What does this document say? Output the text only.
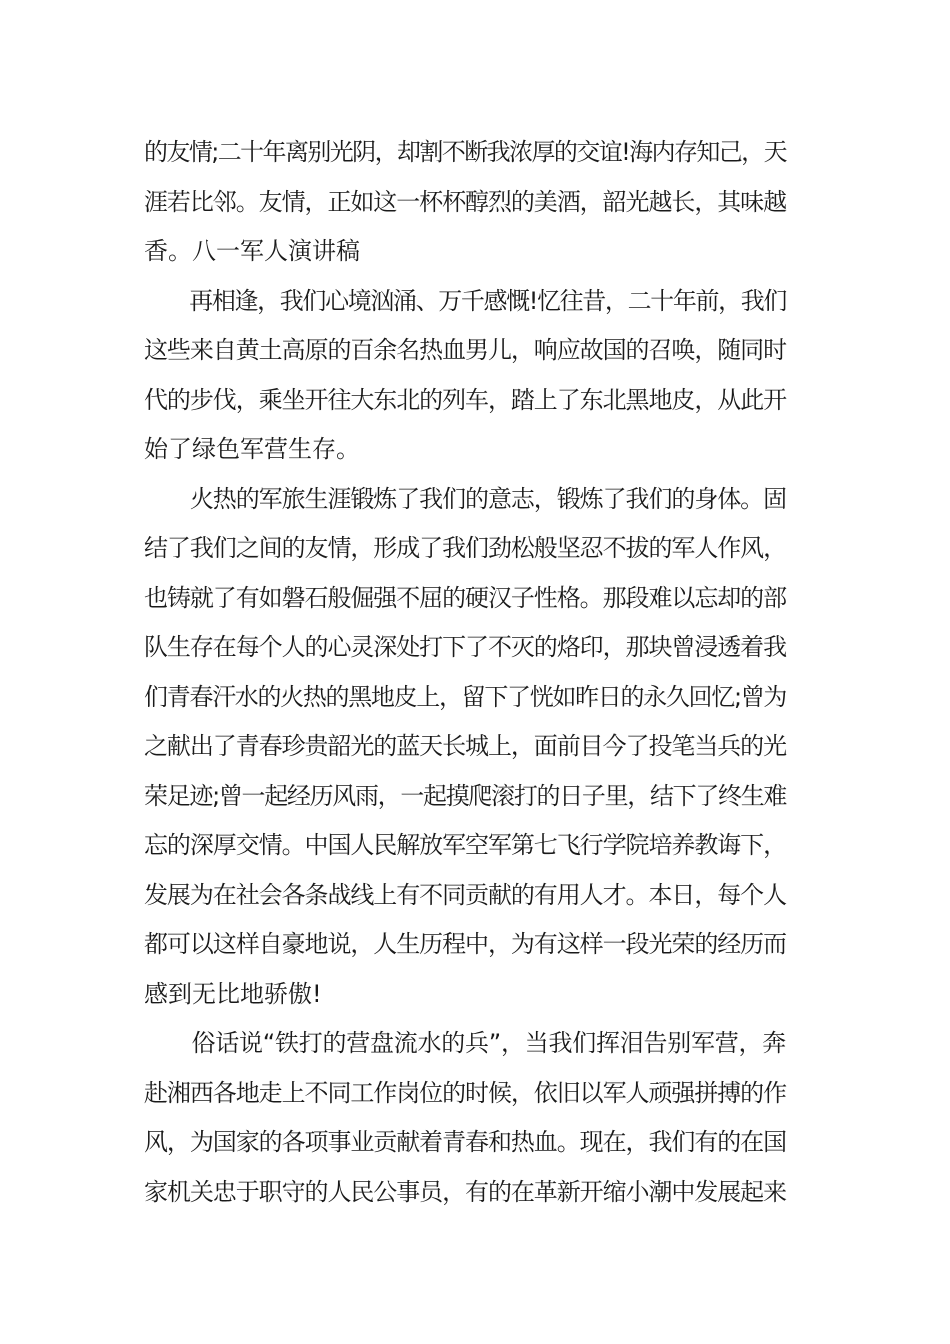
的友情;二十年离别光阴，却割不断我浓厚的交谊!海内存知己，天
涯若比邻。友情，正如这一杯杯醇烈的美酒，韶光越长，其味越
香。八一军人演讲稿
　　再相逢，我们心境汹涌、万千感慨!忆往昔，二十年前，我们
这些来自黄土高原的百余名热血男儿，响应故国的召唤，随同时
代的步伐，乘坐开往大东北的列车，踏上了东北黑地皮，从此开
始了绿色军营生存。
　　火热的军旅生涯锻炼了我们的意志，锻炼了我们的身体。固
结了我们之间的友情，形成了我们劲松般坚忍不拔的军人作风，
也铸就了有如磐石般倔强不屈的硬汉子性格。那段难以忘却的部
队生存在每个人的心灵深处打下了不灭的烙印，那块曾浸透着我
们青春汗水的火热的黑地皮上，留下了恍如昨日的永久回忆;曾为
之献出了青春珍贵韶光的蓝天长城上，面前目今了投笔当兵的光
荣足迹;曾一起经历风雨，一起摸爬滚打的日子里，结下了终生难
忘的深厚交情。中国人民解放军空军第七飞行学院培养教诲下，
发展为在社会各条战线上有不同贡献的有用人才。本日，每个人
都可以这样自豪地说，人生历程中，为有这样一段光荣的经历而
感到无比地骄傲!
　　俗话说“铁打的营盘流水的兵”，当我们挥泪告别军营，奔
赴湘西各地走上不同工作岗位的时候，依旧以军人顽强拼搏的作
风，为国家的各项事业贡献着青春和热血。现在，我们有的在国
家机关忠于职守的人民公事员，有的在革新开缩小潮中发展起来
